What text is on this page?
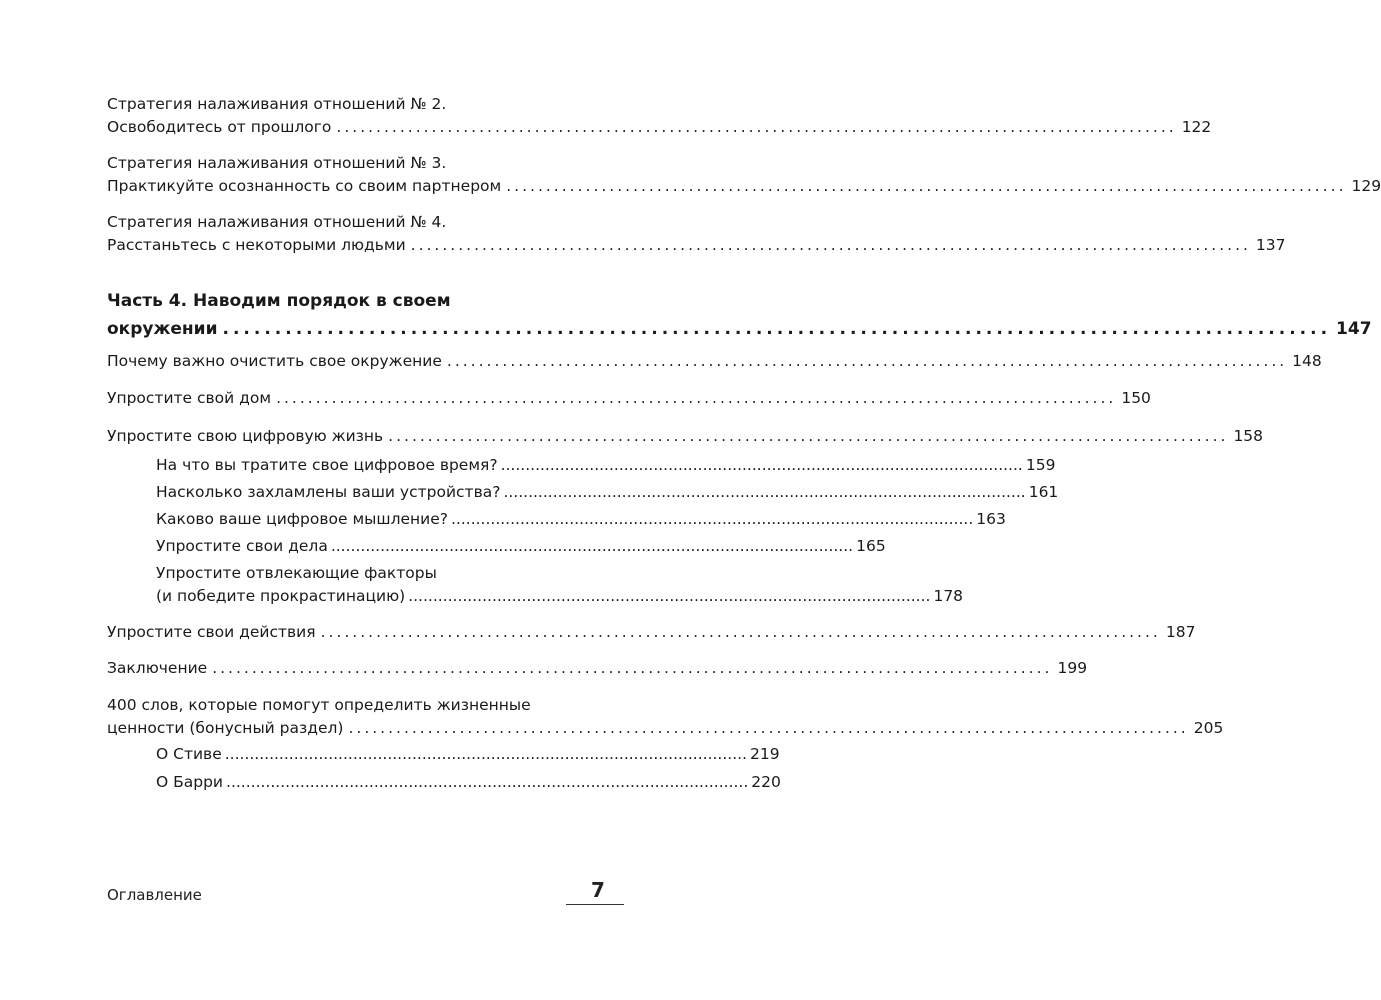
Стратегия налаживания отношений № 2.
Освободитесь от прошлого .......................................................................................................... 122
Стратегия налаживания отношений № 3.
Практикуйте осознанность со своим партнером .......................................................................................................... 129
Стратегия налаживания отношений № 4.
Расстаньтесь с некоторыми людьми .......................................................................................................... 137
Часть 4. Наводим порядок в своем
окружении .......................................................................................................... 147
Почему важно очистить свое окружение .......................................................................................................... 148
Упростите свой дом .......................................................................................................... 150
Упростите свою цифровую жизнь .......................................................................................................... 158
На что вы тратите свое цифровое время? .......................................................................................................... 159
Насколько захламлены ваши устройства? .......................................................................................................... 161
Каково ваше цифровое мышление? .......................................................................................................... 163
Упростите свои дела .......................................................................................................... 165
Упростите отвлекающие факторы
(и победите прокрастинацию) .......................................................................................................... 178
Упростите свои действия .......................................................................................................... 187
Заключение .......................................................................................................... 199
400 слов, которые помогут определить жизненные
ценности (бонусный раздел) .......................................................................................................... 205
О Стиве .......................................................................................................... 219
О Барри .......................................................................................................... 220
Оглавление	7
